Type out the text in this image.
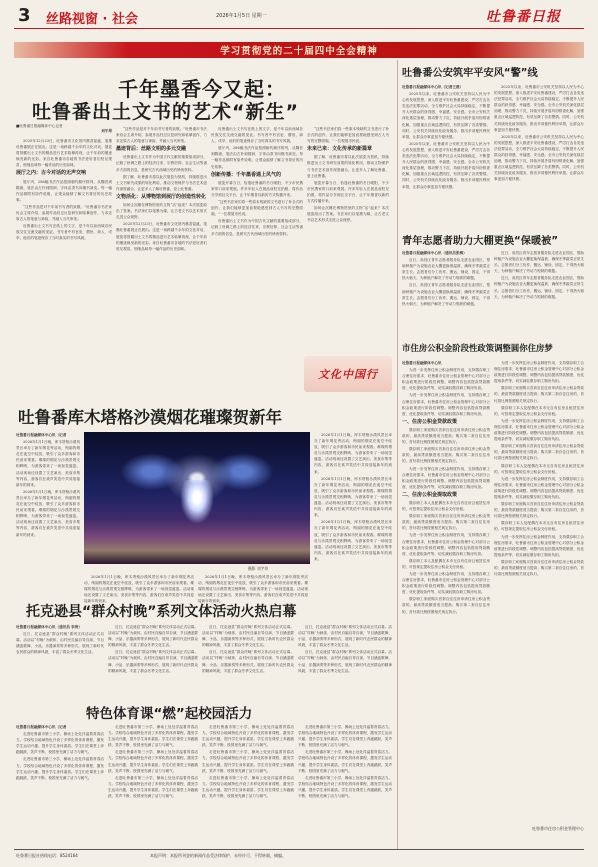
3 丝路视窗 · 社会	2026年1月5日 星期一	吐鲁番日报
学习贯彻党的二十届四中全会精神
千年墨香今又起：
吐鲁番出土文书的艺术“新生”
■吐鲁番日报融媒体中心记者
刘宇昂

2025年12月23日，吐鲁番市文化馆内墨香氤氲，笔墨吐鲁番展正在展出。这是一场跨越千余年的文化对话，展览将馆藏出土文书的精品进行艺术临摹再现，让千年前的墨迹焕发新的光彩。来自吐鲁番市各地的书法爱好者们驻足观赏，细细品味每一幅作品的历史韵味。

展厅之内：古今对话的无声交响

展厅内，286幅书法作品按照朝代顺序排列，从魏晋到隋唐，笔法由古朴到圆润，字体由隶书向楷书演变。每一幅作品都附有原件说明，让观众能够了解文书背后的历史故事。

“这些作品是对千年前书写者的致敬。”吐鲁番市书法家协会主席介绍，参展作品经过反复研究和临摹创作，力求还原古人的笔意与神韵，并融入当代审美。

吐鲁番出土文书写在纸上的文字，是千年以前西域各民族交往交流交融的见证。书写者中有官吏、僧侣、商人、戍卒，他们的笔迹保存了当时真实的书写风貌。

“这些作品是对千年前书写者的致敬。”吐鲁番市书法家协会主席介绍，参展作品经过反复研究和临摹创作，力求还原古人的笔意与神韵，并融入当代审美。

墨迹背后：丝路文明的多元交融

吐鲁番出土文书作为中国古代文献的重要组成部分，记载了丝绸之路上的经济往来、宗教信仰、社会生活等诸多方面的信息，是研究古代西域历史的珍贵资料。

据了解，吐鲁番市将以此次展览为契机，持续推进出土文书研究成果的转化利用，推动文物保护与书法艺术创作深度融合，让更多人了解吐鲁番、爱上吐鲁番。

文物活化：从博物馆到展厅的创造性转化

如何让沉睡在博物馆里的文物“活”起来？本次展览给出了答案。书法家们以笔墨为媒，让古老文书以艺术形式走进公众视野。

2025年12月23日，吐鲁番市文化馆内墨香氤氲，笔墨吐鲁番展正在展出。这是一场跨越千余年的文化对话，展览将馆藏出土文书的精品进行艺术临摹再现，让千年前的墨迹焕发新的光彩。来自吐鲁番市各地的书法爱好者们驻足观赏，细细品味每一幅作品的历史韵味。

吐鲁番出土文书写在纸上的文字，是千年以前西域各民族交往交流交融的见证。书写者中有官吏、僧侣、商人、戍卒，他们的笔迹保存了当时真实的书写风貌。

展厅内，286幅书法作品按照朝代顺序排列，从魏晋到隋唐，笔法由古朴到圆润，字体由隶书向楷书演变。每一幅作品都附有原件说明，让观众能够了解文书背后的历史故事。

创新传播：千年墨香通上风气的

展览开幕当日，恰逢吐鲁番的冬日暖阳，不少市民携家带口前来观展。许多年轻人在展品前驻足拍照，将作品分享到社交平台，让千年墨香以新的方式传播开来。

“这些书法家们将一些原本残缺的文书进行了补全式的创作，让我们能够更加直观地感受到古人书写的完整面貌。”一位观展市民说。

吐鲁番出土文书作为中国古代文献的重要组成部分，记载了丝绸之路上的经济往来、宗教信仰、社会生活等诸多方面的信息，是研究古代西域历史的珍贵资料。

“这些书法家们将一些原本残缺的文书进行了补全式的创作，让我们能够更加直观地感受到古人书写的完整面貌。”一位观展市民说。

未来已来：文化传承的新篇章

据了解，吐鲁番市将以此次展览为契机，持续推进出土文书研究成果的转化利用，推动文物保护与书法艺术创作深度融合，让更多人了解吐鲁番、爱上吐鲁番。

展览开幕当日，恰逢吐鲁番的冬日暖阳，不少市民携家带口前来观展。许多年轻人在展品前驻足拍照，将作品分享到社交平台，让千年墨香以新的方式传播开来。

如何让沉睡在博物馆里的文物“活”起来？本次展览给出了答案。书法家们以笔墨为媒，让古老文书以艺术形式走进公众视野。

文化中国行
吐鲁番公安筑牢平安风“警”线

吐鲁番日报融媒体中心讯（记者王燕）

2025年以来，吐鲁番市公安机关坚持以人民为中心的发展思想，深入推进平安吐鲁番建设，严厉打击各类违法犯罪活动，全力维护社会大局持续稳定，不断提升人民群众的获得感、幸福感、安全感。全市公安机关深化基层治理，推动警力下沉，持续开展矛盾纠纷排查化解，加强重点区域巡逻防控，有效压降了各类警情。同时，公安机关持续优化政务服务，推出多项便民利民举措，让群众办事更加方便快捷。

2025年以来，吐鲁番市公安机关坚持以人民为中心的发展思想，深入推进平安吐鲁番建设，严厉打击各类违法犯罪活动，全力维护社会大局持续稳定，不断提升人民群众的获得感、幸福感、安全感。全市公安机关深化基层治理，推动警力下沉，持续开展矛盾纠纷排查化解，加强重点区域巡逻防控，有效压降了各类警情。同时，公安机关持续优化政务服务，推出多项便民利民举措，让群众办事更加方便快捷。

2025年以来，吐鲁番市公安机关坚持以人民为中心的发展思想，深入推进平安吐鲁番建设，严厉打击各类违法犯罪活动，全力维护社会大局持续稳定，不断提升人民群众的获得感、幸福感、安全感。全市公安机关深化基层治理，推动警力下沉，持续开展矛盾纠纷排查化解，加强重点区域巡逻防控，有效压降了各类警情。同时，公安机关持续优化政务服务，推出多项便民利民举措，让群众办事更加方便快捷。

2025年以来，吐鲁番市公安机关坚持以人民为中心的发展思想，深入推进平安吐鲁番建设，严厉打击各类违法犯罪活动，全力维护社会大局持续稳定，不断提升人民群众的获得感、幸福感、安全感。全市公安机关深化基层治理，推动警力下沉，持续开展矛盾纠纷排查化解，加强重点区域巡逻防控，有效压降了各类警情。同时，公安机关持续优化政务服务，推出多项便民利民举措，让群众办事更加方便快捷。

青年志愿者助力大棚更换“保暖被”

吐鲁番日报融媒体中心讯（通讯员张梅）

近日，高昌区青年志愿者服务队走进农业园区，帮助种植户为设施农业大棚更换保温被，确保冬季蔬菜正常生长。志愿者们分工协作，搬运、铺设、固定，干得热火朝天，为种植户解决了劳动力短缺的难题。

近日，高昌区青年志愿者服务队走进农业园区，帮助种植户为设施农业大棚更换保温被，确保冬季蔬菜正常生长。志愿者们分工协作，搬运、铺设、固定，干得热火朝天，为种植户解决了劳动力短缺的难题。

近日，高昌区青年志愿者服务队走进农业园区，帮助种植户为设施农业大棚更换保温被，确保冬季蔬菜正常生长。志愿者们分工协作，搬运、铺设、固定，干得热火朝天，为种植户解决了劳动力短缺的难题。

近日，高昌区青年志愿者服务队走进农业园区，帮助种植户为设施农业大棚更换保温被，确保冬季蔬菜正常生长。志愿者们分工协作，搬运、铺设、固定，干得热火朝天，为种植户解决了劳动力短缺的难题。

市住房公积金阶段性政策调整圆你住房梦

吐鲁番日报融媒体中心讯

为进一步发挥住房公积金制度作用，支持缴存职工合理住房需求，吐鲁番市住房公积金管理中心对部分公积金政策进行阶段性调整。调整内容包括提高贷款额度、优化提取条件等，切实减轻缴存职工购房负担。

为进一步发挥住房公积金制度作用，支持缴存职工合理住房需求，吐鲁番市住房公积金管理中心对部分公积金政策进行阶段性调整。调整内容包括提高贷款额度、优化提取条件等，切实减轻缴存职工购房负担。

一、住房公积金贷款政策

缴存职工家庭购买首套自住住房申请住房公积金贷款的，最高贷款额度适当提高；购买第二套自住住房的，首付款比例按照相关规定执行。

缴存职工家庭购买首套自住住房申请住房公积金贷款的，最高贷款额度适当提高；购买第二套自住住房的，首付款比例按照相关规定执行。

为进一步发挥住房公积金制度作用，支持缴存职工合理住房需求，吐鲁番市住房公积金管理中心对部分公积金政策进行阶段性调整。调整内容包括提高贷款额度、优化提取条件等，切实减轻缴存职工购房负担。

二、住房公积金提取政策

缴存职工本人及配偶在本市无自有住房且租赁住房的，可按规定提取住房公积金支付房租。

缴存职工家庭购买首套自住住房申请住房公积金贷款的，最高贷款额度适当提高；购买第二套自住住房的，首付款比例按照相关规定执行。

为进一步发挥住房公积金制度作用，支持缴存职工合理住房需求，吐鲁番市住房公积金管理中心对部分公积金政策进行阶段性调整。调整内容包括提高贷款额度、优化提取条件等，切实减轻缴存职工购房负担。

缴存职工本人及配偶在本市无自有住房且租赁住房的，可按规定提取住房公积金支付房租。

为进一步发挥住房公积金制度作用，支持缴存职工合理住房需求，吐鲁番市住房公积金管理中心对部分公积金政策进行阶段性调整。调整内容包括提高贷款额度、优化提取条件等，切实减轻缴存职工购房负担。

缴存职工家庭购买首套自住住房申请住房公积金贷款的，最高贷款额度适当提高；购买第二套自住住房的，首付款比例按照相关规定执行。

为进一步发挥住房公积金制度作用，支持缴存职工合理住房需求，吐鲁番市住房公积金管理中心对部分公积金政策进行阶段性调整。调整内容包括提高贷款额度、优化提取条件等，切实减轻缴存职工购房负担。

缴存职工家庭购买首套自住住房申请住房公积金贷款的，最高贷款额度适当提高；购买第二套自住住房的，首付款比例按照相关规定执行。

缴存职工本人及配偶在本市无自有住房且租赁住房的，可按规定提取住房公积金支付房租。

为进一步发挥住房公积金制度作用，支持缴存职工合理住房需求，吐鲁番市住房公积金管理中心对部分公积金政策进行阶段性调整。调整内容包括提高贷款额度、优化提取条件等，切实减轻缴存职工购房负担。

缴存职工家庭购买首套自住住房申请住房公积金贷款的，最高贷款额度适当提高；购买第二套自住住房的，首付款比例按照相关规定执行。

缴存职工本人及配偶在本市无自有住房且租赁住房的，可按规定提取住房公积金支付房租。

为进一步发挥住房公积金制度作用，支持缴存职工合理住房需求，吐鲁番市住房公积金管理中心对部分公积金政策进行阶段性调整。调整内容包括提高贷款额度、优化提取条件等，切实减轻缴存职工购房负担。

缴存职工家庭购买首套自住住房申请住房公积金贷款的，最高贷款额度适当提高；购买第二套自住住房的，首付款比例按照相关规定执行。

缴存职工本人及配偶在本市无自有住房且租赁住房的，可按规定提取住房公积金支付房租。

为进一步发挥住房公积金制度作用，支持缴存职工合理住房需求，吐鲁番市住房公积金管理中心对部分公积金政策进行阶段性调整。调整内容包括提高贷款额度、优化提取条件等，切实减轻缴存职工购房负担。

缴存职工家庭购买首套自住住房申请住房公积金贷款的，最高贷款额度适当提高；购买第二套自住住房的，首付款比例按照相关规定执行。

吐鲁番市住房公积金管理中心
吐鲁番库木塔格沙漠烟花璀璨贺新年

吐鲁番日报融媒体中心讯（记者

2026年1月1日晚，库木塔格沙漠风景区举办了新年烟花秀活动，绚丽的烟花在夜空中绽放，吸引了众多游客和市民前来观看。璀璨的烟花与沙漠景观交相辉映，为游客带来了一场视觉盛宴。活动现场还设置了文艺演出、美食市集等内容，游客们在欢声笑语中共同迎接新年的到来。

2026年1月1日晚，库木塔格沙漠风景区举办了新年烟花秀活动，绚丽的烟花在夜空中绽放，吸引了众多游客和市民前来观看。璀璨的烟花与沙漠景观交相辉映，为游客带来了一场视觉盛宴。活动现场还设置了文艺演出、美食市集等内容，游客们在欢声笑语中共同迎接新年的到来。

摄影 刘宇昂

2026年1月1日晚，库木塔格沙漠风景区举办了新年烟花秀活动，绚丽的烟花在夜空中绽放，吸引了众多游客和市民前来观看。璀璨的烟花与沙漠景观交相辉映，为游客带来了一场视觉盛宴。活动现场还设置了文艺演出、美食市集等内容，游客们在欢声笑语中共同迎接新年的到来。

2026年1月1日晚，库木塔格沙漠风景区举办了新年烟花秀活动，绚丽的烟花在夜空中绽放，吸引了众多游客和市民前来观看。璀璨的烟花与沙漠景观交相辉映，为游客带来了一场视觉盛宴。活动现场还设置了文艺演出、美食市集等内容，游客们在欢声笑语中共同迎接新年的到来。

2026年1月1日晚，库木塔格沙漠风景区举办了新年烟花秀活动，绚丽的烟花在夜空中绽放，吸引了众多游客和市民前来观看。璀璨的烟花与沙漠景观交相辉映，为游客带来了一场视觉盛宴。活动现场还设置了文艺演出、美食市集等内容，游客们在欢声笑语中共同迎接新年的到来。

2026年1月1日晚，库木塔格沙漠风景区举办了新年烟花秀活动，绚丽的烟花在夜空中绽放，吸引了众多游客和市民前来观看。璀璨的烟花与沙漠景观交相辉映，为游客带来了一场视觉盛宴。活动现场还设置了文艺演出、美食市集等内容，游客们在欢声笑语中共同迎接新年的到来。

2026年1月1日晚，库木塔格沙漠风景区举办了新年烟花秀活动，绚丽的烟花在夜空中绽放，吸引了众多游客和市民前来观看。璀璨的烟花与沙漠景观交相辉映，为游客带来了一场视觉盛宴。活动现场还设置了文艺演出、美食市集等内容，游客们在欢声笑语中共同迎接新年的到来。

托克逊县“群众村晚”系列文体活动火热启幕

吐鲁番日报融媒体中心讯（通讯员 李涛）

近日，托克逊县“群众村晚”系列文体活动正式启幕。活动以“村晚”为载体，由村民自编自导自演，节目涵盖歌舞、小品、乐器演奏等多种形式，展现了新时代农民群众的精神风貌，丰富了群众冬季文化生活。

近日，托克逊县“群众村晚”系列文体活动正式启幕。活动以“村晚”为载体，由村民自编自导自演，节目涵盖歌舞、小品、乐器演奏等多种形式，展现了新时代农民群众的精神风貌，丰富了群众冬季文化生活。

近日，托克逊县“群众村晚”系列文体活动正式启幕。活动以“村晚”为载体，由村民自编自导自演，节目涵盖歌舞、小品、乐器演奏等多种形式，展现了新时代农民群众的精神风貌，丰富了群众冬季文化生活。

近日，托克逊县“群众村晚”系列文体活动正式启幕。活动以“村晚”为载体，由村民自编自导自演，节目涵盖歌舞、小品、乐器演奏等多种形式，展现了新时代农民群众的精神风貌，丰富了群众冬季文化生活。

近日，托克逊县“群众村晚”系列文体活动正式启幕。活动以“村晚”为载体，由村民自编自导自演，节目涵盖歌舞、小品、乐器演奏等多种形式，展现了新时代农民群众的精神风貌，丰富了群众冬季文化生活。

近日，托克逊县“群众村晚”系列文体活动正式启幕。活动以“村晚”为载体，由村民自编自导自演，节目涵盖歌舞、小品、乐器演奏等多种形式，展现了新时代农民群众的精神风貌，丰富了群众冬季文化生活。

近日，托克逊县“群众村晚”系列文体活动正式启幕。活动以“村晚”为载体，由村民自编自导自演，节目涵盖歌舞、小品、乐器演奏等多种形式，展现了新时代农民群众的精神风貌，丰富了群众冬季文化生活。

特色体育课“燃”起校园活力

吐鲁番日报融媒体中心讯（记者

走进吐鲁番市第三小学，操场上处处洋溢着青春活力。学校结合地域特色开设了多样化的体育课程，激发学生运动兴趣，提升学生身体素质。学生们在课堂上奔跑跳跃，笑声不断，校园里充满了活力与朝气。

走进吐鲁番市第三小学，操场上处处洋溢着青春活力。学校结合地域特色开设了多样化的体育课程，激发学生运动兴趣，提升学生身体素质。学生们在课堂上奔跑跳跃，笑声不断，校园里充满了活力与朝气。

走进吐鲁番市第三小学，操场上处处洋溢着青春活力。学校结合地域特色开设了多样化的体育课程，激发学生运动兴趣，提升学生身体素质。学生们在课堂上奔跑跳跃，笑声不断，校园里充满了活力与朝气。

走进吐鲁番市第三小学，操场上处处洋溢着青春活力。学校结合地域特色开设了多样化的体育课程，激发学生运动兴趣，提升学生身体素质。学生们在课堂上奔跑跳跃，笑声不断，校园里充满了活力与朝气。

走进吐鲁番市第三小学，操场上处处洋溢着青春活力。学校结合地域特色开设了多样化的体育课程，激发学生运动兴趣，提升学生身体素质。学生们在课堂上奔跑跳跃，笑声不断，校园里充满了活力与朝气。

走进吐鲁番市第三小学，操场上处处洋溢着青春活力。学校结合地域特色开设了多样化的体育课程，激发学生运动兴趣，提升学生身体素质。学生们在课堂上奔跑跳跃，笑声不断，校园里充满了活力与朝气。

走进吐鲁番市第三小学，操场上处处洋溢着青春活力。学校结合地域特色开设了多样化的体育课程，激发学生运动兴趣，提升学生身体素质。学生们在课堂上奔跑跳跃，笑声不断，校园里充满了活力与朝气。

走进吐鲁番市第三小学，操场上处处洋溢着青春活力。学校结合地域特色开设了多样化的体育课程，激发学生运动兴趣，提升学生身体素质。学生们在课堂上奔跑跳跃，笑声不断，校园里充满了活力与朝气。

走进吐鲁番市第三小学，操场上处处洋溢着青春活力。学校结合地域特色开设了多样化的体育课程，激发学生运动兴趣，提升学生身体素质。学生们在课堂上奔跑跳跃，笑声不断，校园里充满了活力与朝气。

走进吐鲁番市第三小学，操场上处处洋溢着青春活力。学校结合地域特色开设了多样化的体育课程，激发学生运动兴趣，提升学生身体素质。学生们在课堂上奔跑跳跃，笑声不断，校园里充满了活力与朝气。

走进吐鲁番市第三小学，操场上处处洋溢着青春活力。学校结合地域特色开设了多样化的体育课程，激发学生运动兴趣，提升学生身体素质。学生们在课堂上奔跑跳跃，笑声不断，校园里充满了活力与朝气。

吐鲁番日报社热线电话：8524164	本报声明：本报所刊登的新闻作品受法律保护，未经许可，不得转载、摘编。
